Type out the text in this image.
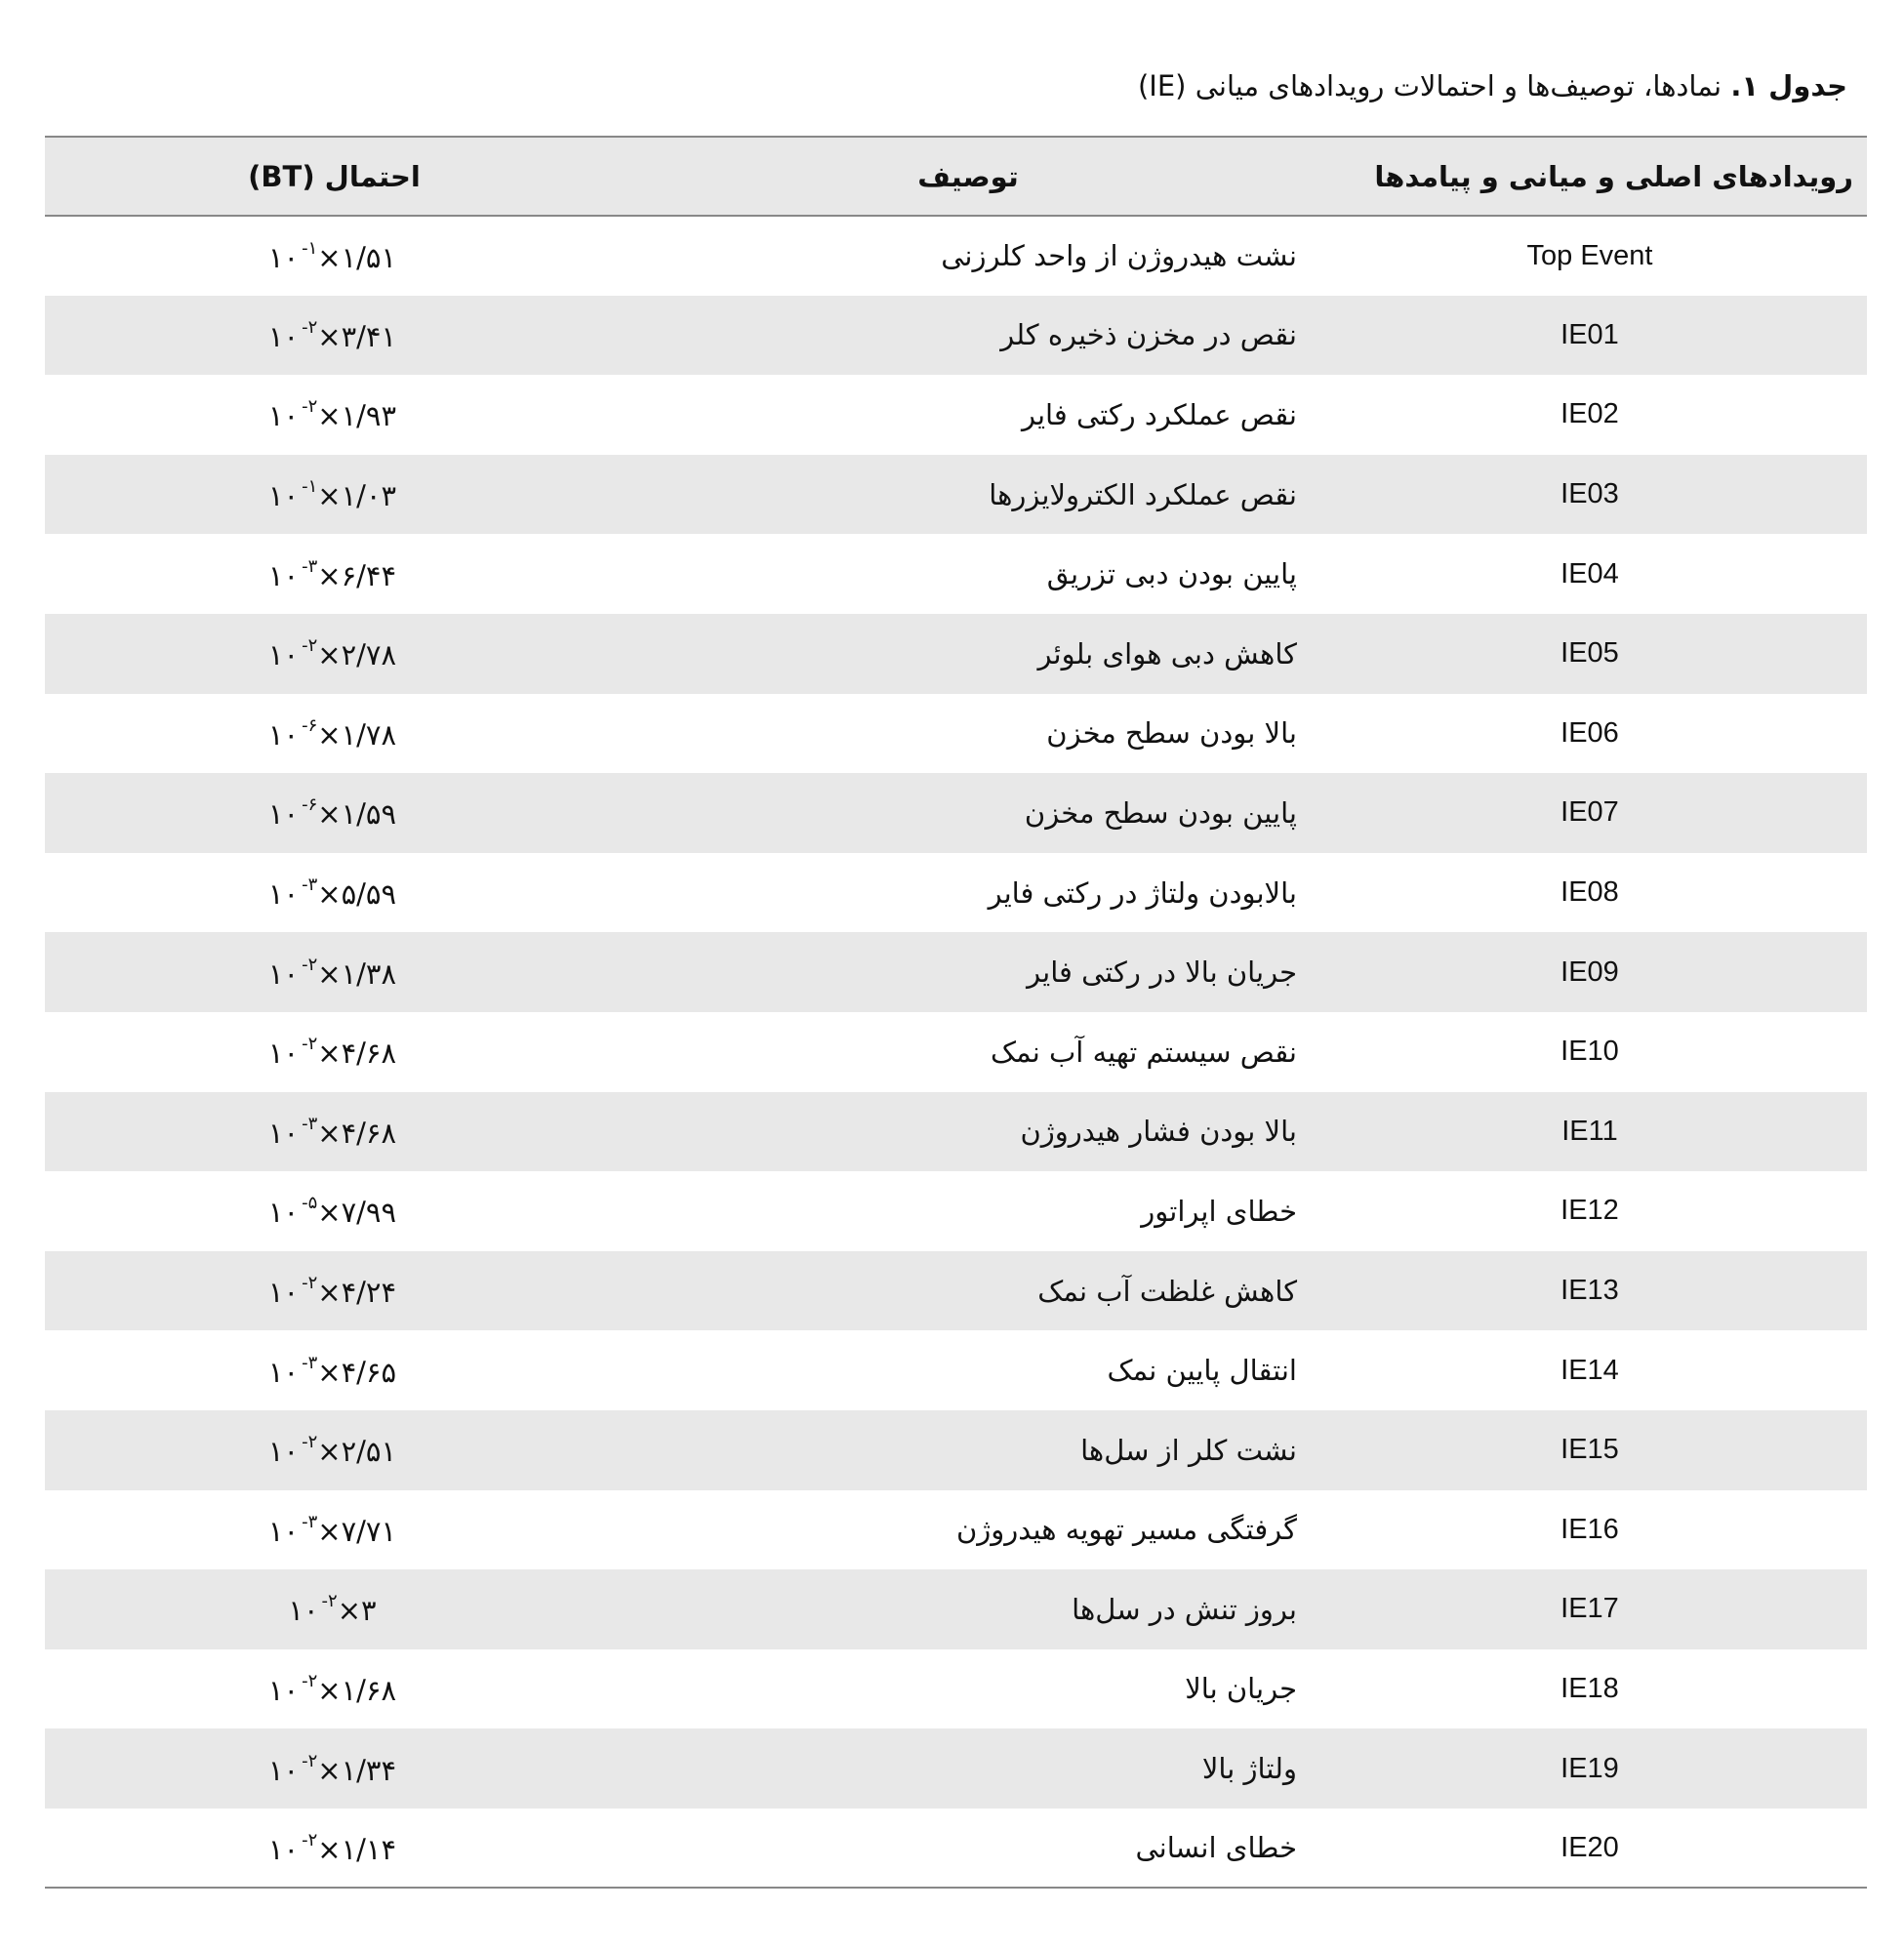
جدول ۱. نمادها، توصیف‌ها و احتمالات رویدادهای میانی (IE)
رویدادهای اصلی و میانی و پیامدها	توصیف	احتمال (BT)
Top Event	نشت هیدروژن از واحد کلرزنی	$۱/۵۱\times ۱۰^{-۱}$
IE01	نقص در مخزن ذخیره کلر	$۳/۴۱\times ۱۰^{-۲}$
IE02	نقص عملکرد رکتی فایر	$۱/۹۳\times ۱۰^{-۲}$
IE03	نقص عملکرد الکترولایزرها	$۱/۰۳\times ۱۰^{-۱}$
IE04	پایین بودن دبی تزریق	$۶/۴۴\times ۱۰^{-۳}$
IE05	کاهش دبی هوای بلوئر	$۲/۷۸\times ۱۰^{-۲}$
IE06	بالا بودن سطح مخزن	$۱/۷۸\times ۱۰^{-۶}$
IE07	پایین بودن سطح مخزن	$۱/۵۹\times ۱۰^{-۶}$
IE08	بالابودن ولتاژ در رکتی فایر	$۵/۵۹\times ۱۰^{-۳}$
IE09	جریان بالا در رکتی فایر	$۱/۳۸\times ۱۰^{-۲}$
IE10	نقص سیستم تهیه آب نمک	$۴/۶۸\times ۱۰^{-۲}$
IE11	بالا بودن فشار هیدروژن	$۴/۶۸\times ۱۰^{-۳}$
IE12	خطای اپراتور	$۷/۹۹\times ۱۰^{-۵}$
IE13	کاهش غلظت آب نمک	$۴/۲۴\times ۱۰^{-۲}$
IE14	انتقال پایین نمک	$۴/۶۵\times ۱۰^{-۳}$
IE15	نشت کلر از سل‌ها	$۲/۵۱\times ۱۰^{-۲}$
IE16	گرفتگی مسیر تهویه هیدروژن	$۷/۷۱\times ۱۰^{-۳}$
IE17	بروز تنش در سل‌ها	$۳\times ۱۰^{-۲}$
IE18	جریان بالا	$۱/۶۸\times ۱۰^{-۲}$
IE19	ولتاژ بالا	$۱/۳۴\times ۱۰^{-۲}$
IE20	خطای انسانی	$۱/۱۴\times ۱۰^{-۲}$
